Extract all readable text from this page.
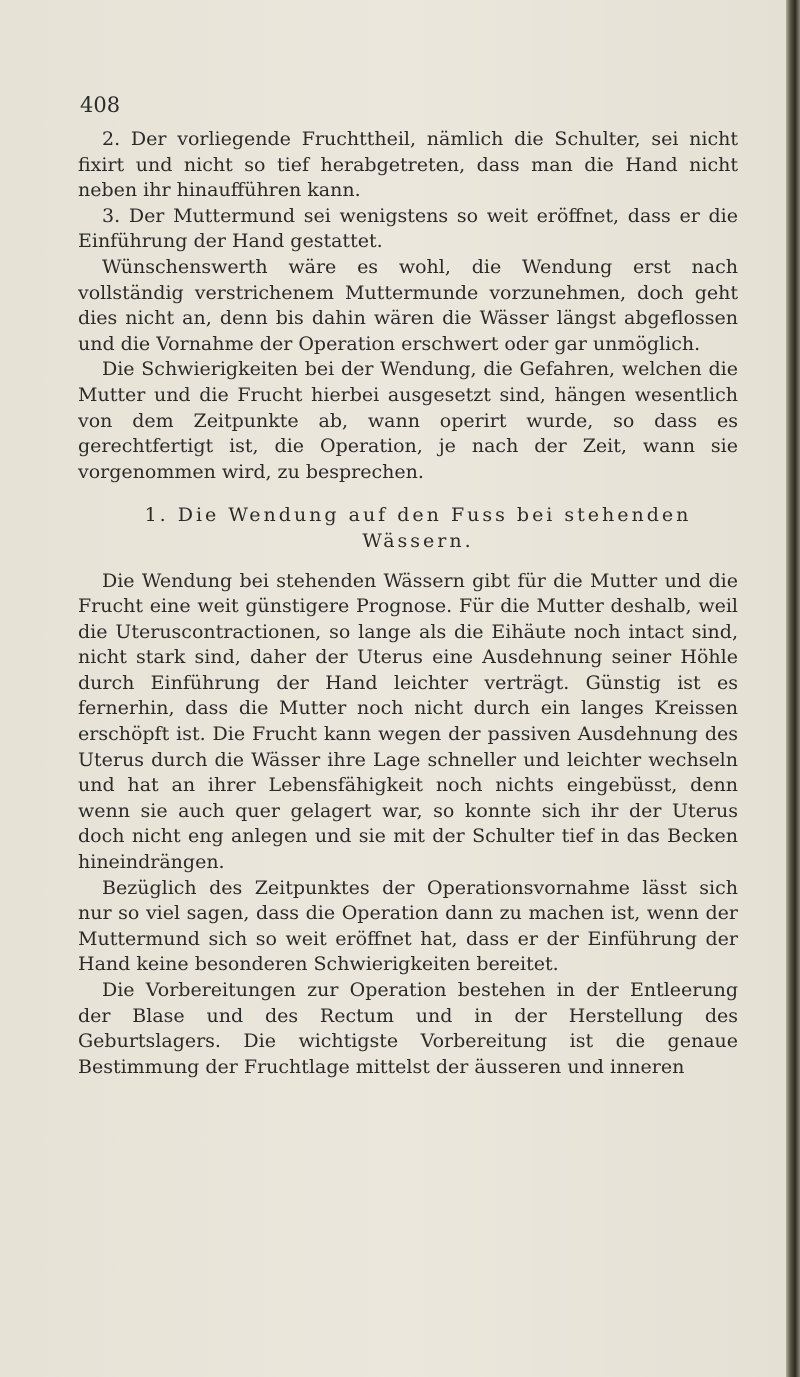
408

2. Der vorliegende Fruchttheil, nämlich die Schulter, sei nicht fixirt und nicht so tief herabgetreten, dass man die Hand nicht neben ihr hinaufführen kann.

3. Der Muttermund sei wenigstens so weit eröffnet, dass er die Einführung der Hand gestattet.

Wünschenswerth wäre es wohl, die Wendung erst nach vollständig verstrichenem Muttermunde vorzunehmen, doch geht dies nicht an, denn bis dahin wären die Wässer längst abgeflossen und die Vornahme der Operation erschwert oder gar unmöglich.

Die Schwierigkeiten bei der Wendung, die Gefahren, welchen die Mutter und die Frucht hierbei ausgesetzt sind, hängen wesentlich von dem Zeitpunkte ab, wann operirt wurde, so dass es gerechtfertigt ist, die Operation, je nach der Zeit, wann sie vorgenommen wird, zu besprechen.

1. Die Wendung auf den Fuss bei stehenden Wässern.

Die Wendung bei stehenden Wässern gibt für die Mutter und die Frucht eine weit günstigere Prognose. Für die Mutter deshalb, weil die Uteruscontractionen, so lange als die Eihäute noch intact sind, nicht stark sind, daher der Uterus eine Ausdehnung seiner Höhle durch Einführung der Hand leichter verträgt. Günstig ist es fernerhin, dass die Mutter noch nicht durch ein langes Kreissen erschöpft ist. Die Frucht kann wegen der passiven Ausdehnung des Uterus durch die Wässer ihre Lage schneller und leichter wechseln und hat an ihrer Lebensfähigkeit noch nichts eingebüsst, denn wenn sie auch quer gelagert war, so konnte sich ihr der Uterus doch nicht eng anlegen und sie mit der Schulter tief in das Becken hineindrängen.

Bezüglich des Zeitpunktes der Operationsvornahme lässt sich nur so viel sagen, dass die Operation dann zu machen ist, wenn der Muttermund sich so weit eröffnet hat, dass er der Einführung der Hand keine besonderen Schwierigkeiten bereitet.

Die Vorbereitungen zur Operation bestehen in der Entleerung der Blase und des Rectum und in der Herstellung des Geburtslagers. Die wichtigste Vorbereitung ist die genaue Bestimmung der Fruchtlage mittelst der äusseren und inneren
